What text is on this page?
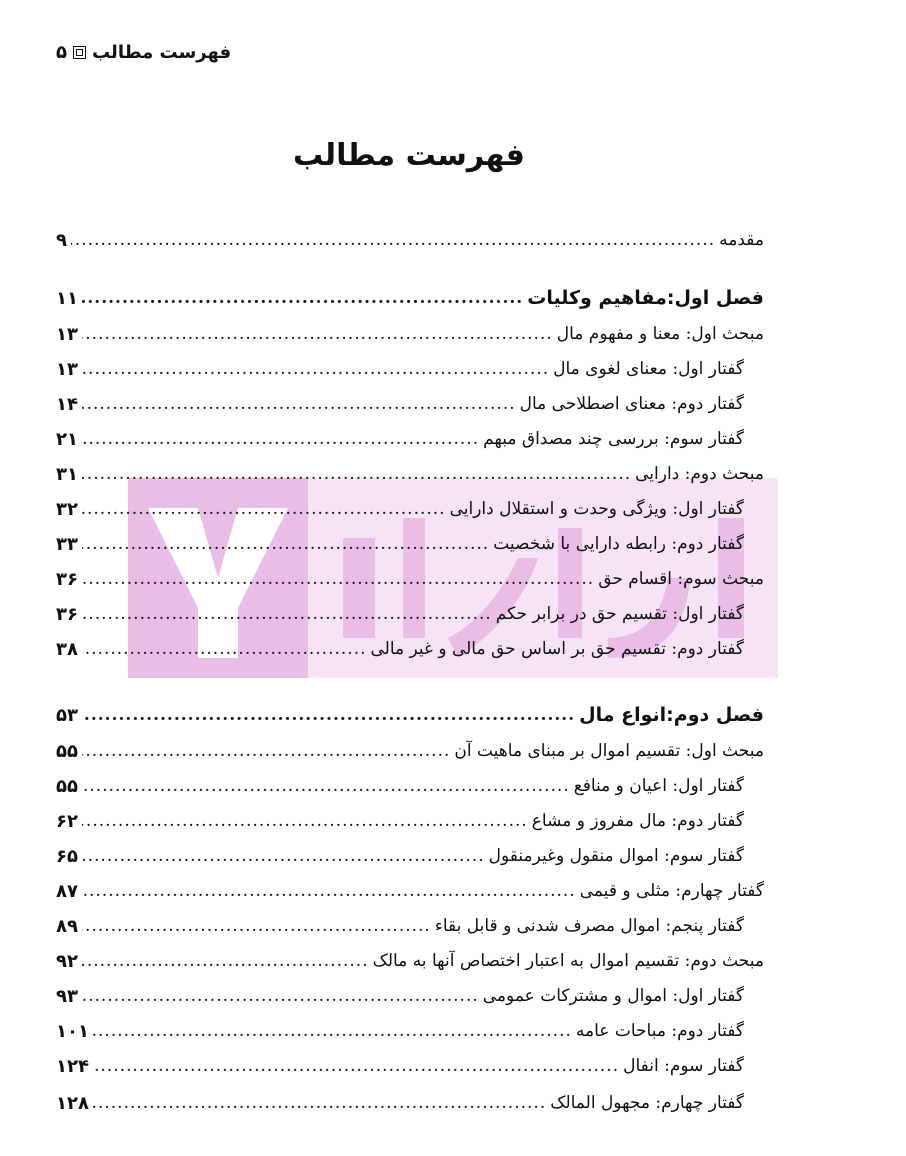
فهرست مطالب
۵
فهرست مطالب
مقدمه
.....
۹
فصل اول:مفاهیم وکلیات
.....
۱۱
مبحث اول: معنا و مفهوم مال
.....
۱۳
گفتار اول: معنای لغوی مال
.....
۱۳
گفتار دوم: معنای اصطلاحی مال
.....
۱۴
گفتار سوم: بررسی چند مصداق مبهم
.....
۲۱
مبحث دوم: دارایی
.....
۳۱
گفتار اول: ویژگی وحدت و استقلال دارایی
.....
۳۲
گفتار دوم: رابطه دارایی با شخصیت
.....
۳۳
مبحث سوم: اقسام حق
.....
۳۶
گفتار اول: تقسیم حق در برابر حکم
.....
۳۶
گفتار دوم: تقسیم حق بر اساس حق مالی و غیر مالی
.....
۳۸
فصل دوم:انواع مال
.....
۵۳
مبحث اول: تقسیم اموال بر مبنای ماهیت آن
.....
۵۵
گفتار اول: اعیان و منافع
.....
۵۵
گفتار دوم: مال مفروز و مشاع
.....
۶۲
گفتار سوم: اموال منقول وغیرمنقول
.....
۶۵
گفتار چهارم: مثلی و قیمی
.....
۸۷
گفتار پنجم: اموال مصرف شدنی و قابل بقاء
.....
۸۹
مبحث دوم: تقسیم اموال به اعتبار اختصاص آنها به مالک
.....
۹۲
گفتار اول: اموال و مشترکات عمومی
.....
۹۳
گفتار دوم: مباحات عامه
.....
۱۰۱
گفتار سوم: انفال
.....
۱۲۴
گفتار چهارم: مجهول المالک
.....
۱۲۸
